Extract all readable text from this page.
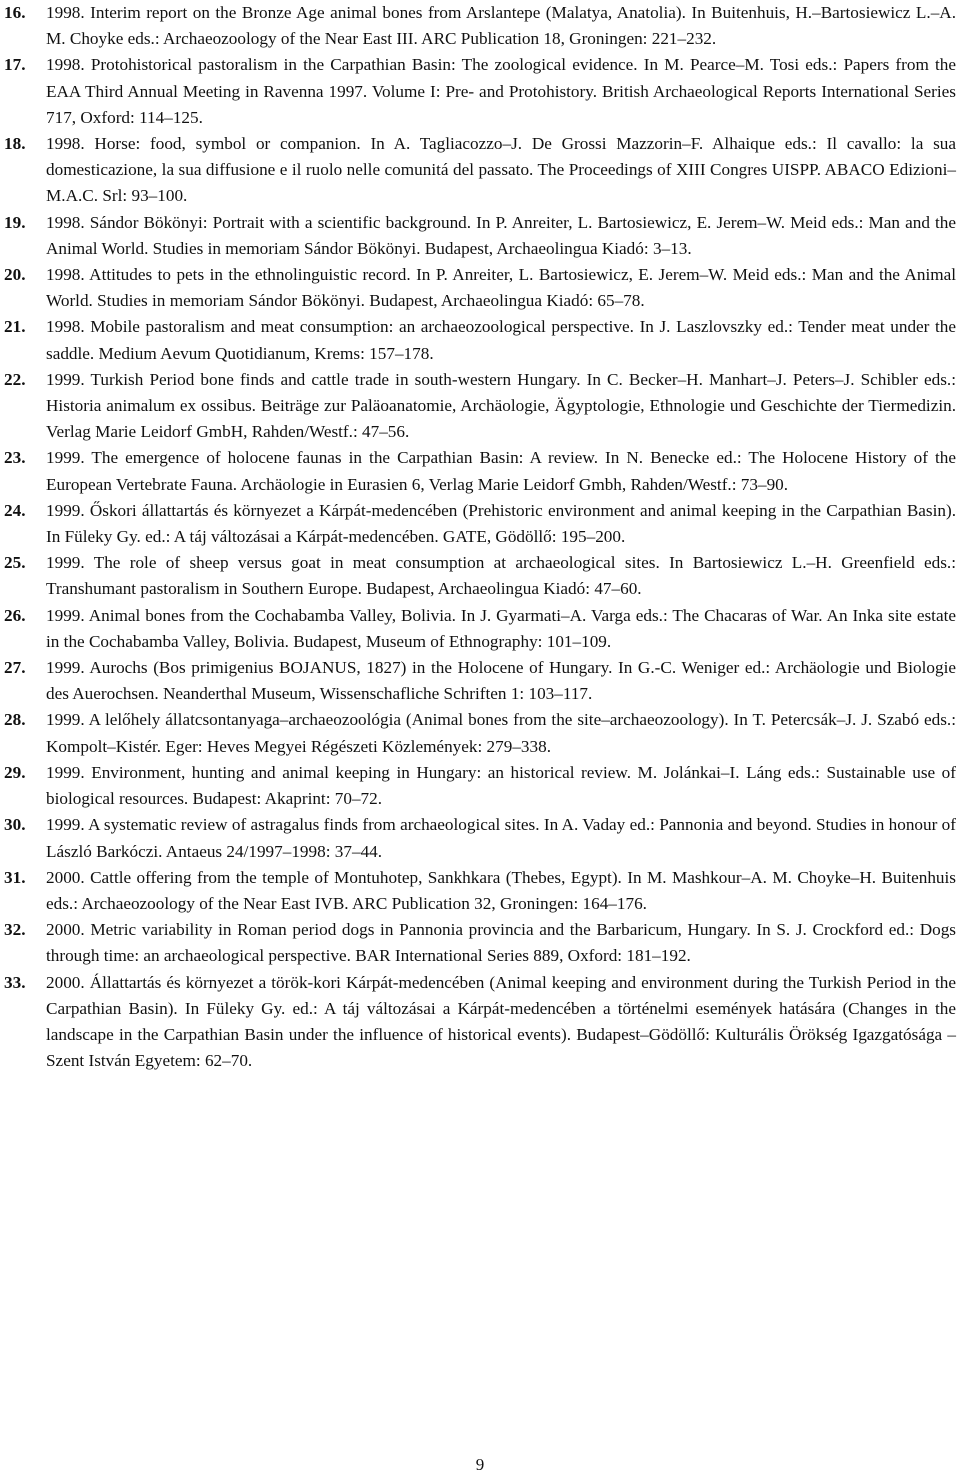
16.	1998. Interim report on the Bronze Age animal bones from Arslantepe (Malatya, Anatolia). In Buitenhuis, H.–Bartosiewicz L.–A. M. Choyke eds.: Archaeozoology of the Near East III. ARC Publication 18, Groningen: 221–232.
17.	1998. Protohistorical pastoralism in the Carpathian Basin: The zoological evidence. In M. Pearce–M. Tosi eds.: Papers from the EAA Third Annual Meeting in Ravenna 1997. Volume I: Pre- and Protohistory. British Archaeological Reports International Series 717, Oxford: 114–125.
18.	1998. Horse: food, symbol or companion. In A. Tagliacozzo–J. De Grossi Mazzorin–F. Alhaique eds.: Il cavallo: la sua domesticazione, la sua diffusione e il ruolo nelle comunitá del passato. The Proceedings of XIII Congres UISPP. ABACO Edizioni–M.A.C. Srl: 93–100.
19.	1998. Sándor Bökönyi: Portrait with a scientific background. In P. Anreiter, L. Bartosiewicz, E. Jerem–W. Meid eds.: Man and the Animal World. Studies in memoriam Sándor Bökönyi. Budapest, Archaeolingua Kiadó: 3–13.
20.	1998. Attitudes to pets in the ethnolinguistic record. In P. Anreiter, L. Bartosiewicz, E. Jerem–W. Meid eds.: Man and the Animal World. Studies in memoriam Sándor Bökönyi. Budapest, Archaeolingua Kiadó: 65–78.
21.	1998. Mobile pastoralism and meat consumption: an archaeozoological perspective. In J. Laszlovszky ed.: Tender meat under the saddle. Medium Aevum Quotidianum, Krems: 157–178.
22.	1999. Turkish Period bone finds and cattle trade in south-western Hungary. In C. Becker–H. Manhart–J. Peters–J. Schibler eds.: Historia animalum ex ossibus. Beiträge zur Paläoanatomie, Archäologie, Ägyptologie, Ethnologie und Geschichte der Tiermedizin. Verlag Marie Leidorf GmbH, Rahden/Westf.: 47–56.
23.	1999. The emergence of holocene faunas in the Carpathian Basin: A review. In N. Benecke ed.: The Holocene History of the European Vertebrate Fauna. Archäologie in Eurasien 6, Verlag Marie Leidorf Gmbh, Rahden/Westf.: 73–90.
24.	1999. Őskori állattartás és környezet a Kárpát-medencében (Prehistoric environment and animal keeping in the Carpathian Basin). In Füleky Gy. ed.: A táj változásai a Kárpát-medencében. GATE, Gödöllő: 195–200.
25.	1999. The role of sheep versus goat in meat consumption at archaeological sites. In Bartosiewicz L.–H. Greenfield eds.: Transhumant pastoralism in Southern Europe. Budapest, Archaeolingua Kiadó: 47–60.
26.	1999. Animal bones from the Cochabamba Valley, Bolivia. In J. Gyarmati–A. Varga eds.: The Chacaras of War. An Inka site estate in the Cochabamba Valley, Bolivia. Budapest, Museum of Ethnography: 101–109.
27.	1999. Aurochs (Bos primigenius BOJANUS, 1827) in the Holocene of Hungary. In G.-C. Weniger ed.: Archäologie und Biologie des Auerochsen. Neanderthal Museum, Wissenschafliche Schriften 1: 103–117.
28.	1999. A lelőhely állatcsontanyaga–archaeozoológia (Animal bones from the site–archaeozoology). In T. Petercsák–J. J. Szabó eds.: Kompolt–Kistér. Eger: Heves Megyei Régészeti Közlemények: 279–338.
29.	1999. Environment, hunting and animal keeping in Hungary: an historical review. M. Jolánkai–I. Láng eds.: Sustainable use of biological resources. Budapest: Akaprint: 70–72.
30.	1999. A systematic review of astragalus finds from archaeological sites. In A. Vaday ed.: Pannonia and beyond. Studies in honour of László Barkóczi. Antaeus 24/1997–1998: 37–44.
31.	2000. Cattle offering from the temple of Montuhotep, Sankhkara (Thebes, Egypt). In M. Mashkour–A. M. Choyke–H. Buitenhuis eds.: Archaeozoology of the Near East IVB. ARC Publication 32, Groningen: 164–176.
32.	2000. Metric variability in Roman period dogs in Pannonia provincia and the Barbaricum, Hungary. In S. J. Crockford ed.: Dogs through time: an archaeological perspective. BAR International Series 889, Oxford: 181–192.
33.	2000. Állattartás és környezet a török-kori Kárpát-medencében (Animal keeping and environment during the Turkish Period in the Carpathian Basin). In Füleky Gy. ed.: A táj változásai a Kárpát-medencében a történelmi események hatására (Changes in the landscape in the Carpathian Basin under the influence of historical events). Budapest–Gödöllő: Kulturális Örökség Igazgatósága –Szent István Egyetem: 62–70.
9
